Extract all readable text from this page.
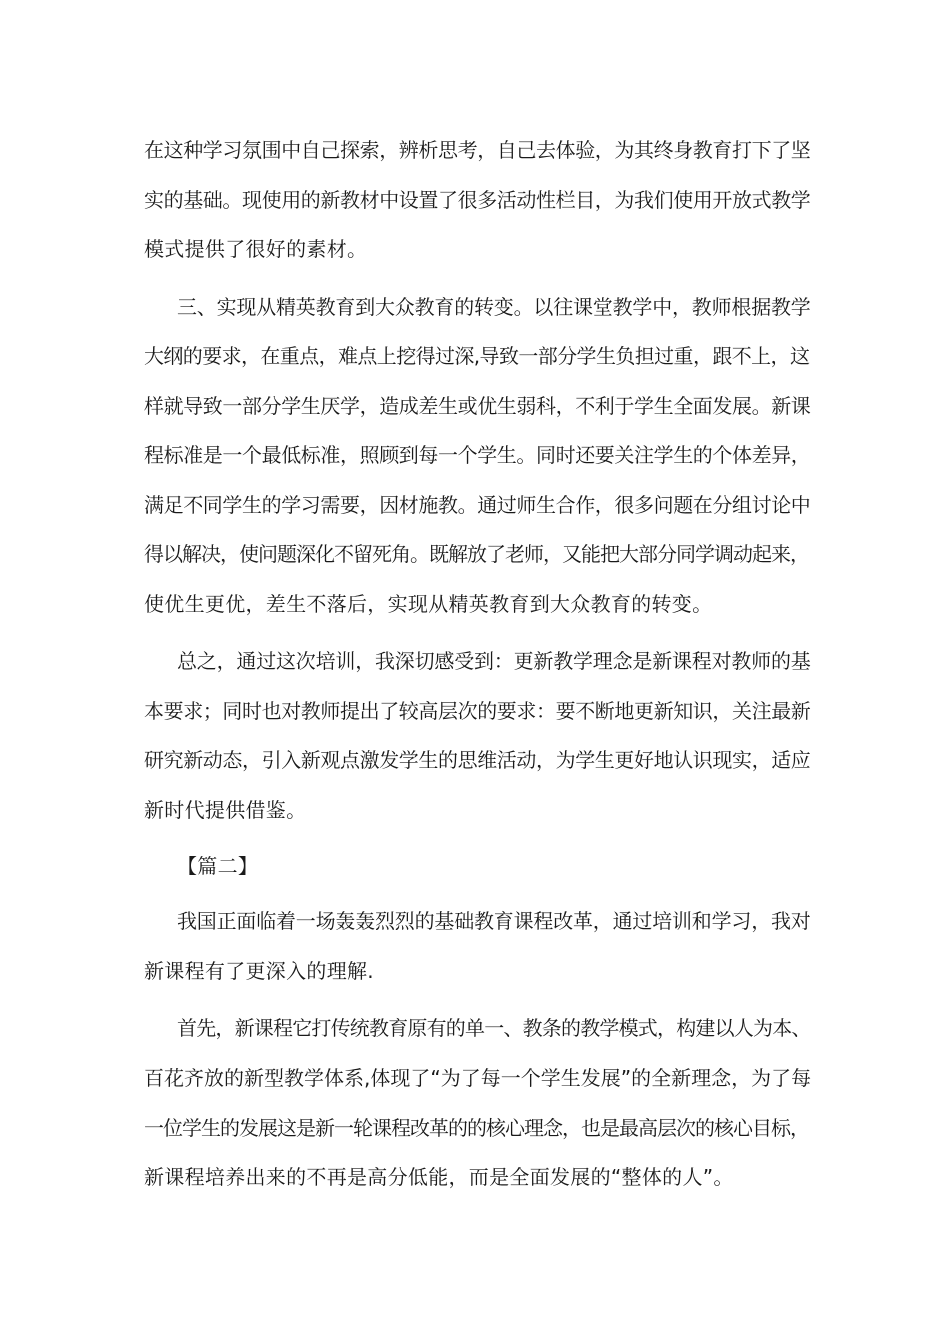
在这种学习氛围中自己探索，辨析思考，自己去体验，为其终身教育打下了坚

实的基础。现使用的新教材中设置了很多活动性栏目，为我们使用开放式教学

模式提供了很好的素材。

三、实现从精英教育到大众教育的转变。以往课堂教学中，教师根据教学

大纲的要求，在重点，难点上挖得过深,导致一部分学生负担过重，跟不上，这

样就导致一部分学生厌学，造成差生或优生弱科，不利于学生全面发展。新课

程标准是一个最低标准，照顾到每一个学生。同时还要关注学生的个体差异，

满足不同学生的学习需要，因材施教。通过师生合作，很多问题在分组讨论中

得以解决，使问题深化不留死角。既解放了老师，又能把大部分同学调动起来，

使优生更优，差生不落后，实现从精英教育到大众教育的转变。

总之，通过这次培训，我深切感受到：更新教学理念是新课程对教师的基

本要求；同时也对教师提出了较高层次的要求：要不断地更新知识，关注最新

研究新动态，引入新观点激发学生的思维活动，为学生更好地认识现实，适应

新时代提供借鉴。

【篇二】

我国正面临着一场轰轰烈烈的基础教育课程改革，通过培训和学习，我对

新课程有了更深入的理解.

首先，新课程它打传统教育原有的单一、教条的教学模式，构建以人为本、

百花齐放的新型教学体系,体现了“为了每一个学生发展”的全新理念，为了每

一位学生的发展这是新一轮课程改革的的核心理念，也是最高层次的核心目标，

新课程培养出来的不再是高分低能，而是全面发展的“整体的人”。
